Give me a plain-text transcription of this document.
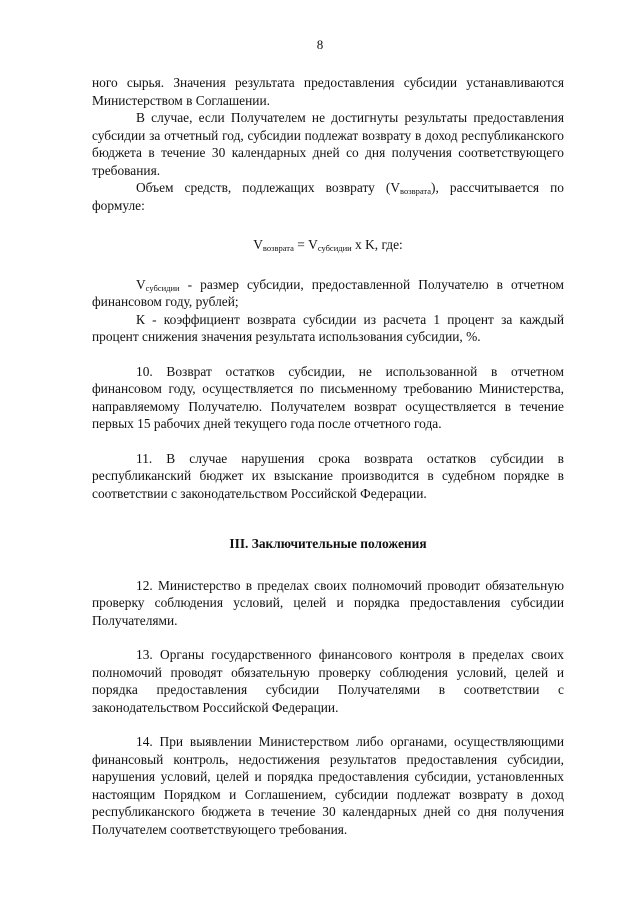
8

ного сырья. Значения результата предоставления субсидии устанавливаются Министерством в Соглашении.

В случае, если Получателем не достигнуты результаты предоставления субсидии за отчетный год, субсидии подлежат возврату в доход республиканского бюджета в течение 30 календарных дней со дня получения соответствующего требования.

Объем средств, подлежащих возврату $(V_{возврата})$, рассчитывается по формуле:

$V_{возврата} = V_{субсидии}$ x K, где:

$V_{субсидии}$ - размер субсидии, предоставленной Получателю в отчетном финансовом году, рублей;

К - коэффициент возврата субсидии из расчета 1 процент за каждый процент снижения значения результата использования субсидии, %.

10. Возврат остатков субсидии, не использованной в отчетном финансовом году, осуществляется по письменному требованию Министерства, направляемому Получателю. Получателем возврат осуществляется в течение первых 15 рабочих дней текущего года после отчетного года.

11. В случае нарушения срока возврата остатков субсидии в республиканский бюджет их взыскание производится в судебном порядке в соответствии с законодательством Российской Федерации.

III. Заключительные положения

12. Министерство в пределах своих полномочий проводит обязательную проверку соблюдения условий, целей и порядка предоставления субсидии Получателями.

13. Органы государственного финансового контроля в пределах своих полномочий проводят обязательную проверку соблюдения условий, целей и порядка предоставления субсидии Получателями в соответствии с законодательством Российской Федерации.

14. При выявлении Министерством либо органами, осуществляющими финансовый контроль, недостижения результатов предоставления субсидии, нарушения условий, целей и порядка предоставления субсидии, установленных настоящим Порядком и Соглашением, субсидии подлежат возврату в доход республиканского бюджета в течение 30 календарных дней со дня получения Получателем соответствующего требования.
